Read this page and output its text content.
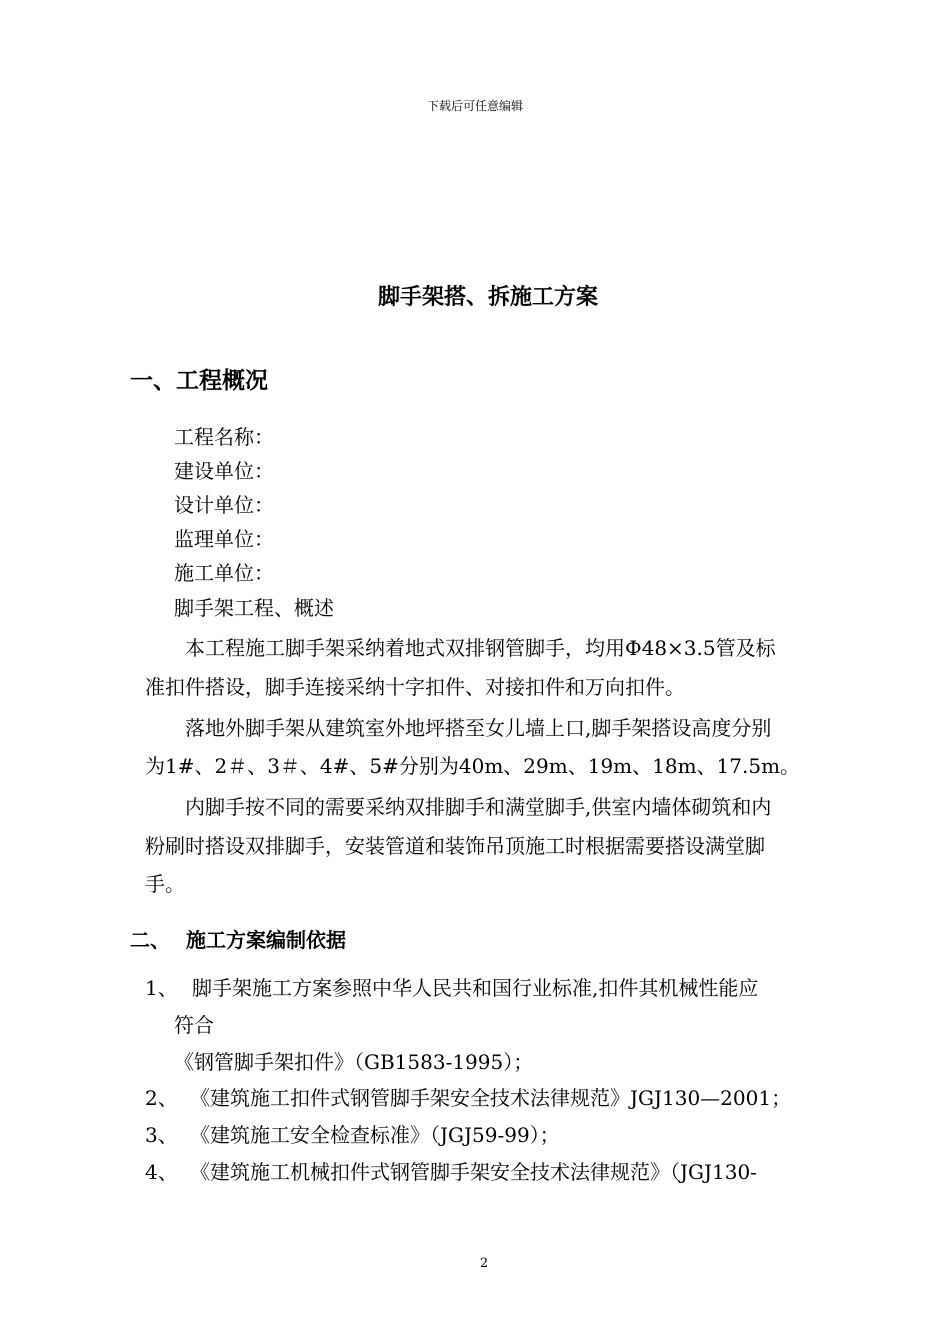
下载后可任意编辑
脚手架搭、拆施工方案
一、工程概况
工程名称：
建设单位：
设计单位：
监理单位：
施工单位：
脚手架工程、概述
本工程施工脚手架采纳着地式双排钢管脚手，均用Ф48×3.5管及标
准扣件搭设，脚手连接采纳十字扣件、对接扣件和万向扣件。
落地外脚手架从建筑室外地坪搭至女儿墙上口,脚手架搭设高度分别
为1#、2＃、3＃、4#、5#分别为40m、29m、19m、18m、17.5m。
内脚手按不同的需要采纳双排脚手和满堂脚手,供室内墙体砌筑和内
粉刷时搭设双排脚手，安装管道和装饰吊顶施工时根据需要搭设满堂脚
手。
二、 施工方案编制依据
1、 脚手架施工方案参照中华人民共和国行业标准,扣件其机械性能应
符合
《钢管脚手架扣件》（GB1583-1995）；
2、 《建筑施工扣件式钢管脚手架安全技术法律规范》JGJ130—2001；
3、 《建筑施工安全检查标准》（JGJ59-99）；
4、 《建筑施工机械扣件式钢管脚手架安全技术法律规范》（JGJ130-
2
